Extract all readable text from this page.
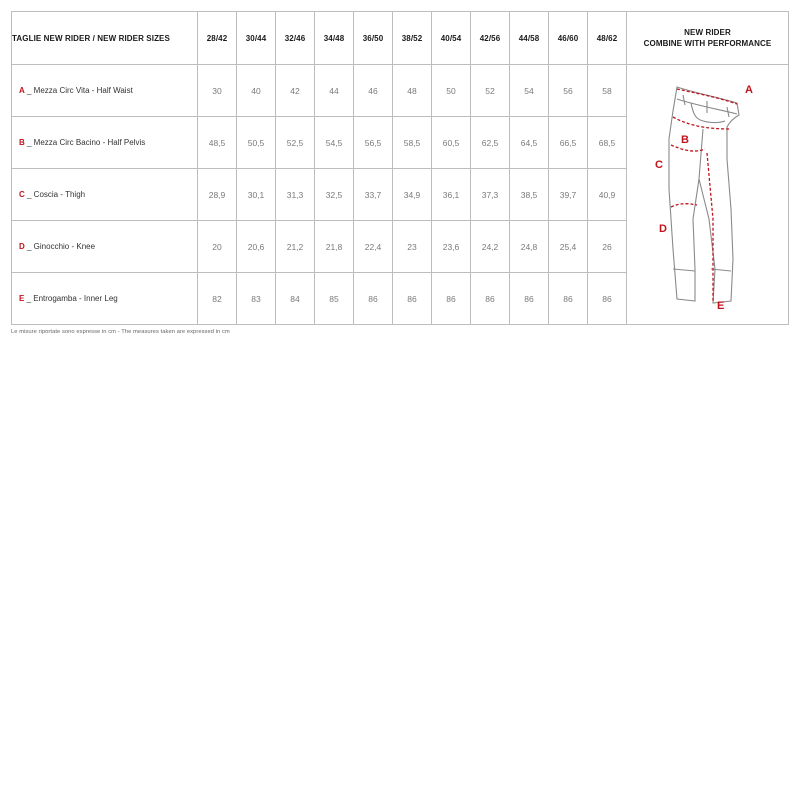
TAGLIE NEW RIDER / NEW RIDER SIZES	28/42	30/44	32/46	34/48	36/50	38/52	40/54	42/56	44/58	46/60	48/62	NEW RIDER
COMBINE WITH PERFORMANCE

A _ Mezza Circ Vita - Half Waist	30	40	42	44	46	48	50	52	54	56	58	A
B
C
D
E

B _ Mezza Circ Bacino - Half Pelvis	48,5	50,5	52,5	54,5	56,5	58,5	60,5	62,5	64,5	66,5	68,5	
C _ Coscia - Thigh	28,9	30,1	31,3	32,5	33,7	34,9	36,1	37,3	38,5	39,7	40,9	
D _ Ginocchio - Knee	20	20,6	21,2	21,8	22,4	23	23,6	24,2	24,8	25,4	26	
E _ Entrogamba - Inner Leg	82	83	84	85	86	86	86	86	86	86	86	
Le misure riportate sono espresse in cm - The measures taken are expressed in cm
